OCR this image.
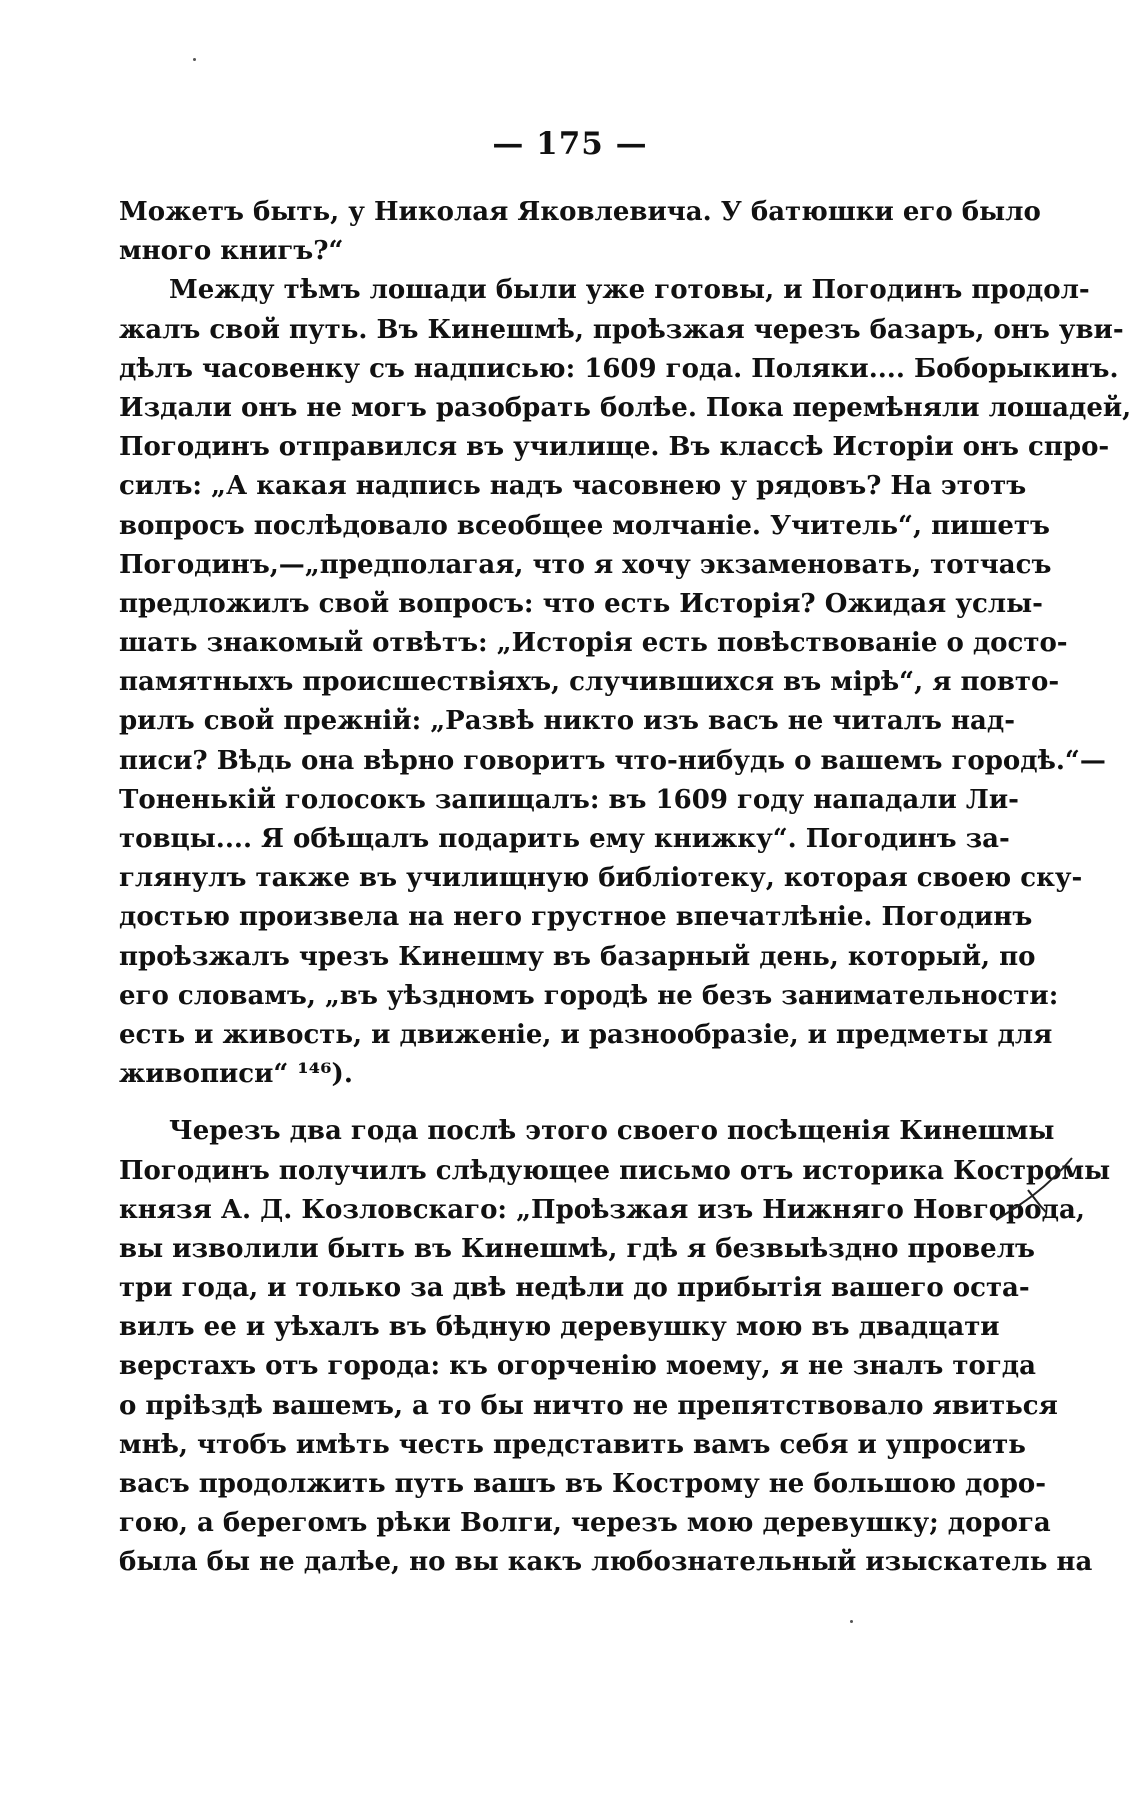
— 175 —
Можетъ быть, у Николая Яковлевича. У батюшки его было
много книгъ?“
Между тѣмъ лошади были уже готовы, и Погодинъ продол-
жалъ свой путь. Въ Кинешмѣ, проѣзжая черезъ базаръ, онъ уви-
дѣлъ часовенку съ надписью: 1609 года. Поляки.... Боборыкинъ.
Издали онъ не могъ разобрать болѣе. Пока перемѣняли лошадей,
Погодинъ отправился въ училище. Въ классѣ Исторіи онъ спро-
силъ: „А какая надпись надъ часовнею у рядовъ? На этотъ
вопросъ послѣдовало всеобщее молчаніе. Учитель“, пишетъ
Погодинъ,—„предполагая, что я хочу экзаменовать, тотчасъ
предложилъ свой вопросъ: что есть Исторія? Ожидая услы-
шать знакомый отвѣтъ: „Исторія есть повѣствованіе о досто-
памятныхъ происшествіяхъ, случившихся въ мірѣ“, я повто-
рилъ свой прежній: „Развѣ никто изъ васъ не читалъ над-
писи? Вѣдь она вѣрно говоритъ что-нибудь о вашемъ городѣ.“—
Тоненькій голосокъ запищалъ: въ 1609 году нападали Ли-
товцы.... Я обѣщалъ подарить ему книжку“. Погодинъ за-
глянулъ также въ училищную библіотеку, которая своею ску-
достью произвела на него грустное впечатлѣніе. Погодинъ
проѣзжалъ чрезъ Кинешму въ базарный день, который, по
его словамъ, „въ уѣздномъ городѣ не безъ занимательности:
есть и живость, и движеніе, и разнообразіе, и предметы для
живописи“ ¹⁴⁶).
Черезъ два года послѣ этого своего посѣщенія Кинешмы
Погодинъ получилъ слѣдующее письмо отъ историка Костромы
князя А. Д. Козловскаго: „Проѣзжая изъ Нижняго Новгорода,
вы изволили быть въ Кинешмѣ, гдѣ я безвыѣздно провелъ
три года, и только за двѣ недѣли до прибытія вашего оста-
вилъ ее и уѣхалъ въ бѣдную деревушку мою въ двадцати
верстахъ отъ города: къ огорченію моему, я не зналъ тогда
о пріѣздѣ вашемъ, а то бы ничто не препятствовало явиться
мнѣ, чтобъ имѣть честь представить вамъ себя и упросить
васъ продолжить путь вашъ въ Кострому не большою доро-
гою, а берегомъ рѣки Волги, черезъ мою деревушку; дорога
была бы не далѣе, но вы какъ любознательный изыскатель на
